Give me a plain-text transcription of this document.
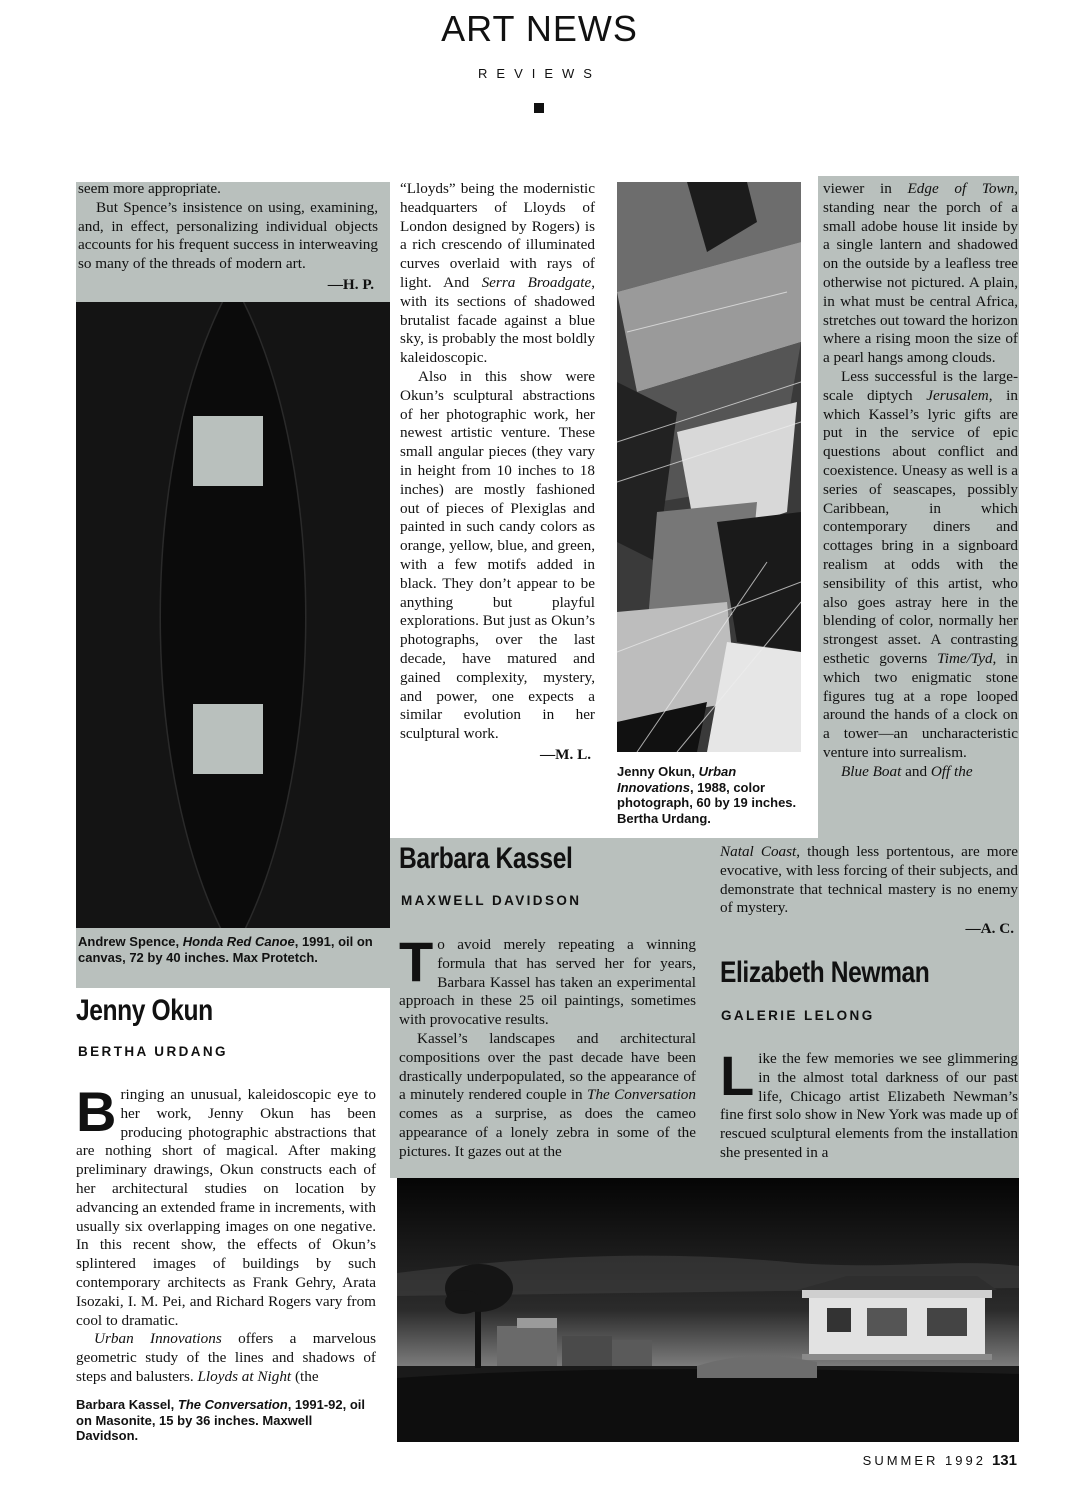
ART NEWS
REVIEWS

seem more appropriate.

But Spence’s insistence on using, examining, and, in effect, personalizing individual objects accounts for his frequent success in interweaving so many of the threads of modern art.

—H. P.

Andrew Spence, Honda Red Canoe, 1991, oil on canvas, 72 by 40 inches. Max Protetch.
Jenny Okun
BERTHA URDANG

Bringing an unusual, kaleidoscopic eye to her work, Jenny Okun has been producing photographic abstractions that are nothing short of magical. After making preliminary drawings, Okun constructs each of her architectural studies on location by advancing an extended frame in increments, with usually six overlapping images on one negative. In this recent show, the effects of Okun’s splintered images of buildings by such contemporary architects as Frank Gehry, Arata Isozaki, I. M. Pei, and Richard Rogers vary from cool to dramatic.

Urban Innovations offers a marvelous geometric study of the lines and shadows of steps and balusters. Lloyds at Night (the

Barbara Kassel, The Conversation, 1991-92, oil on Masonite, 15 by 36 inches. Maxwell Davidson.

“Lloyds” being the modernistic headquarters of Lloyds of London designed by Rogers) is a rich crescendo of illuminated curves overlaid with rays of light. And Serra Broadgate, with its sections of shadowed brutalist facade against a blue sky, is probably the most boldly kaleidoscopic.

Also in this show were Okun’s sculptural abstractions of her photographic work, her newest artistic venture. These small angular pieces (they vary in height from 10 inches to 18 inches) are mostly fashioned out of pieces of Plexiglas and painted in such candy colors as orange, yellow, blue, and green, with a few motifs added in black. They don’t appear to be anything but playful explorations. But just as Okun’s photographs, over the last decade, have matured and gained complexity, mystery, and power, one expects a similar evolution in her sculptural work.

—M. L.

Jenny Okun, Urban Innovations, 1988, color photograph, 60 by 19 inches. Bertha Urdang.
Barbara Kassel
MAXWELL DAVIDSON

To avoid merely repeating a winning formula that has served her for years, Barbara Kassel has taken an experimental approach in these 25 oil paintings, sometimes with provocative results.

Kassel’s landscapes and architectural compositions over the past decade have been drastically underpopulated, so the appearance of a minutely rendered couple in The Conversation comes as a surprise, as does the cameo appearance of a lonely zebra in some of the pictures. It gazes out at the

viewer in Edge of Town, standing near the porch of a small adobe house lit inside by a single lantern and shadowed on the outside by a leafless tree otherwise not pictured. A plain, in what must be central Africa, stretches out toward the horizon where a rising moon the size of a pearl hangs among clouds.

Less successful is the large-scale diptych Jerusalem, in which Kassel’s lyric gifts are put in the service of epic questions about conflict and coexistence. Uneasy as well is a series of seascapes, possibly Caribbean, in which contemporary diners and cottages bring in a signboard realism at odds with the sensibility of this artist, who also goes astray here in the blending of color, normally her strongest asset. A contrasting esthetic governs Time/Tyd, in which two enigmatic stone figures tug at a rope looped around the hands of a clock on a tower—an uncharacteristic venture into surrealism.

Blue Boat and Off the

Natal Coast, though less portentous, are more evocative, with less forcing of their subjects, and demonstrate that technical mastery is no enemy of mystery.

—A. C.

Elizabeth Newman
GALERIE LELONG

Like the few memories we see glimmering in the almost total darkness of our past life, Chicago artist Elizabeth Newman’s fine first solo show in New York was made up of rescued sculptural elements from the installation she presented in a

SUMMER 1992 131
